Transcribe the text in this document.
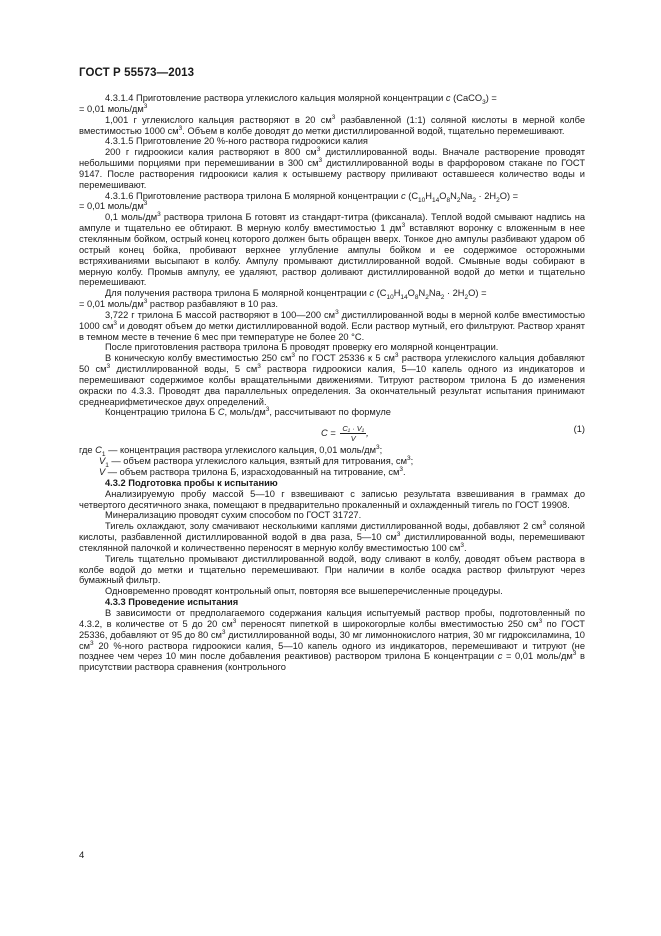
ГОСТ Р 55573—2013

4.3.1.4 Приготовление раствора углекислого кальция молярной концентрации c (CaCO$_3$) =

= 0,01 моль/$дм^3$

1,001 г углекислого кальция растворяют в 20 $см^3$ разбавленной (1:1) соляной кислоты в мерной колбе вместимостью 1000 $см^3$. Объем в колбе доводят до метки дистиллированной водой, тщательно перемешивают.

4.3.1.5 Приготовление 20 %-ного раствора гидроокиси калия

200 г гидроокиси калия растворяют в 800 $см^3$ дистиллированной воды. Вначале растворение проводят небольшими порциями при перемешивании в 300 $см^3$ дистиллированной воды в фарфоровом стакане по ГОСТ 9147. После растворения гидроокиси калия к остывшему раствору приливают оставшееся количество воды и перемешивают.

4.3.1.6 Приготовление раствора трилона Б молярной концентрации c $(C_{10}H_{14}O_8N_2Na_2 \cdot 2H_2O)$ =

= 0,01 моль/$дм^3$

0,1 моль/$дм^3$ раствора трилона Б готовят из стандарт-титра (фиксанала). Теплой водой смывают надпись на ампуле и тщательно ее обтирают. В мерную колбу вместимостью 1 $дм^3$ вставляют воронку с вложенным в нее стеклянным бойком, острый конец которого должен быть обращен вверх. Тонкое дно ампулы разбивают ударом об острый конец бойка, пробивают верхнее углубление ампулы бойком и ее содержимое осторожными встряхиваниями высыпают в колбу. Ампулу промывают дистиллированной водой. Смывные воды собирают в мерную колбу. Промыв ампулу, ее удаляют, раствор доливают дистиллированной водой до метки и тщательно перемешивают.

Для получения раствора трилона Б молярной концентрации c $(C_{10}H_{14}O_8N_2Na_2 \cdot 2H_2O)$ =

= 0,01 моль/$дм^3$ раствор разбавляют в 10 раз.

3,722 г трилона Б массой растворяют в 100—200 $см^3$ дистиллированной воды в мерной колбе вместимостью 1000 $см^3$ и доводят объем до метки дистиллированной водой. Если раствор мутный, его фильтруют. Раствор хранят в темном месте в течение 6 мес при температуре не более 20 °С.

После приготовления раствора трилона Б проводят проверку его молярной концентрации.

В коническую колбу вместимостью 250 $см^3$ по ГОСТ 25336 к 5 $см^3$ раствора углекислого кальция добавляют 50 $см^3$ дистиллированной воды, 5 $см^3$ раствора гидроокиси калия, 5—10 капель одного из индикаторов и перемешивают содержимое колбы вращательными движениями. Титруют раствором трилона Б до изменения окраски по 4.3.3. Проводят два параллельных определения. За окончательный результат испытания принимают среднеарифметическое двух определений.

Концентрацию трилона Б С, моль/$дм^3$, рассчитывают по формуле

$C = \frac{\text{C₁ · V₁}}{V}$ ,	(1)

где $C_1$ — концентрация раствора углекислого кальция, 0,01 моль/$дм^3$;

$V_1$ — объем раствора углекислого кальция, взятый для титрования, $см^3$;

V — объем раствора трилона Б, израсходованный на титрование, $см^3$.

4.3.2 Подготовка пробы к испытанию

Анализируемую пробу массой 5—10 г взвешивают с записью результата взвешивания в граммах до четвертого десятичного знака, помещают в предварительно прокаленный и охлажденный тигель по ГОСТ 19908.

Минерализацию проводят сухим способом по ГОСТ 31727.

Тигель охлаждают, золу смачивают несколькими каплями дистиллированной воды, добавляют 2 $см^3$ соляной кислоты, разбавленной дистиллированной водой в два раза, 5—10 $см^3$ дистиллированной воды, перемешивают стеклянной палочкой и количественно переносят в мерную колбу вместимостью 100 $см^3$.

Тигель тщательно промывают дистиллированной водой, воду сливают в колбу, доводят объем раствора в колбе водой до метки и тщательно перемешивают. При наличии в колбе осадка раствор фильтруют через бумажный фильтр.

Одновременно проводят контрольный опыт, повторяя все вышеперечисленные процедуры.

4.3.3 Проведение испытания

В зависимости от предполагаемого содержания кальция испытуемый раствор пробы, подготовленный по 4.3.2, в количестве от 5 до 20 $см^3$ переносят пипеткой в широкогорлые колбы вместимостью 250 $см^3$ по ГОСТ 25336, добавляют от 95 до 80 $см^3$ дистиллированной воды, 30 мг лимоннокислого натрия, 30 мг гидроксиламина, 10 $см^3$ 20 %-ного раствора гидроокиси калия, 5—10 капель одного из индикаторов, перемешивают и титруют (не позднее чем через 10 мин после добавления реактивов) раствором трилона Б концентрации с = 0,01 моль/$дм^3$ в присутствии раствора сравнения (контрольного

4
